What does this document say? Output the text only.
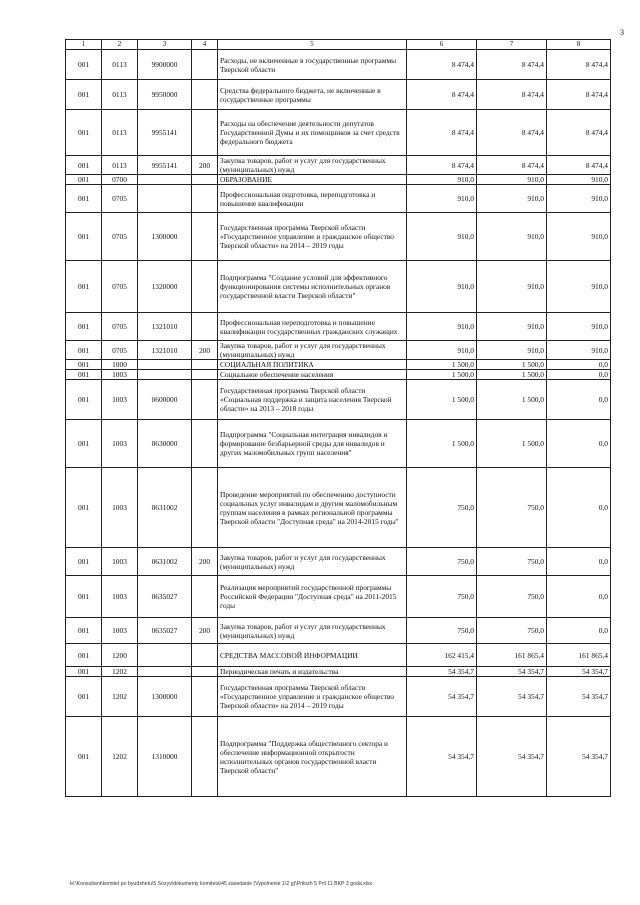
3
1	2	3	4	5	6	7	8
001	0113	9900000		Расходы, не включенные в государственные программы Тверской области	8 474,4	8 474,4	8 474,4
001	0113	9950000		Средства федерального бюджета, не включенные в государственные программы	8 474,4	8 474,4	8 474,4
001	0113	9955141		Расходы на обеспечение деятельности депутатов Государственной Думы и их помощников за счет средств федерального бюджета	8 474,4	8 474,4	8 474,4
001	0113	9955141	200	Закупка товаров, работ и услуг для государственных (муниципальных) нужд	8 474,4	8 474,4	8 474,4
001	0700			ОБРАЗОВАНИЕ	910,0	910,0	910,0
001	0705			Профессиональная подготовка, переподготовка и повышение квалификации	910,0	910,0	910,0
001	0705	1300000		Государственная программа Тверской области «Государственное управление и гражданское общество Тверской области» на 2014 – 2019 годы	910,0	910,0	910,0
001	0705	1320000		Подпрограмма "Создание условий для эффективного функционирования системы исполнительных органов государственной власти Тверской области"	910,0	910,0	910,0
001	0705	1321010		Профессиональная переподготовка и повышение квалификации государственных гражданских служащих	910,0	910,0	910,0
001	0705	1321010	200	Закупка товаров, работ и услуг для государственных (муниципальных) нужд	910,0	910,0	910,0
001	1000			СОЦИАЛЬНАЯ ПОЛИТИКА	1 500,0	1 500,0	0,0
001	1003			Социальное обеспечение населения	1 500,0	1 500,0	0,0
001	1003	0600000		Государственная программа Тверской области «Социальная поддержка и защита населения Тверской области» на 2013 – 2018 годы	1 500,0	1 500,0	0,0
001	1003	0630000		Подпрограмма "Социальная интеграция инвалидов и формирование безбарьерной среды для инвалидов и других маломобильных групп населения"	1 500,0	1 500,0	0,0
001	1003	0631002		Проведение мероприятий по обеспечению доступности социальных услуг инвалидам и другим маломобильным группам населения в рамках региональной программы Тверской области "Доступная среда" на 2014-2015 годы"	750,0	750,0	0,0
001	1003	0631002	200	Закупка товаров, работ и услуг для государственных (муниципальных) нужд	750,0	750,0	0,0
001	1003	0635027		Реализация мероприятий государственной программы Российской Федерации "Доступная среда" на 2011-2015 годы	750,0	750,0	0,0
001	1003	0635027	200	Закупка товаров, работ и услуг для государственных (муниципальных) нужд	750,0	750,0	0,0
001	1200			СРЕДСТВА МАССОВОЙ ИНФОРМАЦИИ	162 415,4	161 865,4	161 865,4
001	1202			Периодическая печать и издательства	54 354,7	54 354,7	54 354,7
001	1202	1300000		Государственная программа Тверской области «Государственное управление и гражданское общество Тверской области» на 2014 – 2019 годы	54 354,7	54 354,7	54 354,7
001	1202	1310000		Подпрограмма "Поддержка общественного сектора и обеспечение информационной открытости исполнительных органов государственной власти Тверской области"	54 354,7	54 354,7	54 354,7
H:\Konsultant\komitet po byudzhetu\5 Sozyv\dokumenty komiteta\45 zasedanie (Vypolnenie 1\2 g)\Prilozh 5 Pril 11 BKP 3 goda.xlsx
